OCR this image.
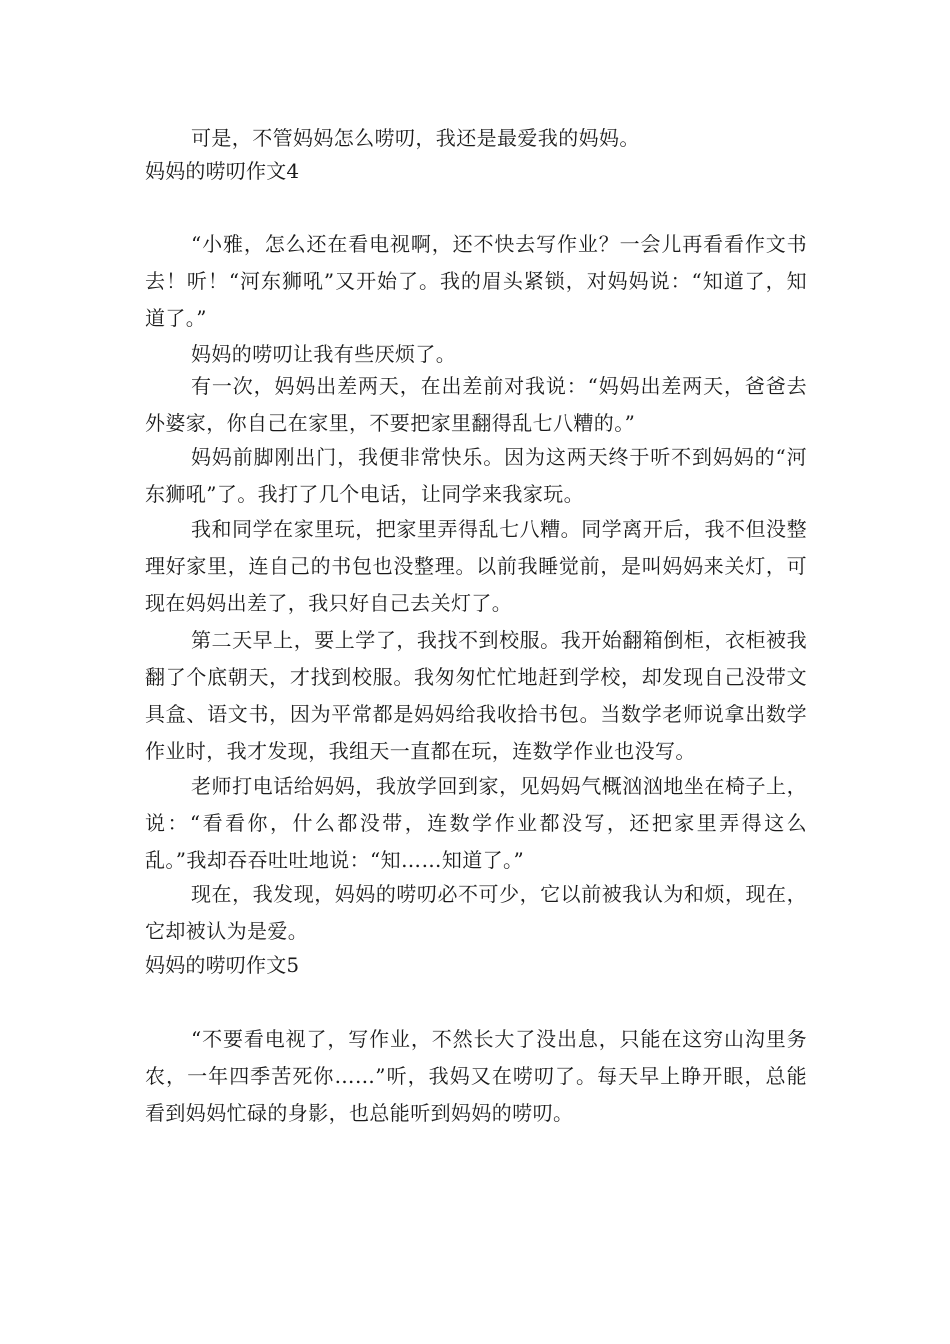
可是，不管妈妈怎么唠叨，我还是最爱我的妈妈。

妈妈的唠叨作文4

“小雅，怎么还在看电视啊，还不快去写作业？一会儿再看看作文书去！听！“河东狮吼”又开始了。我的眉头紧锁，对妈妈说：“知道了，知道了。”

妈妈的唠叨让我有些厌烦了。

有一次，妈妈出差两天，在出差前对我说：“妈妈出差两天，爸爸去外婆家，你自己在家里，不要把家里翻得乱七八糟的。”

妈妈前脚刚出门，我便非常快乐。因为这两天终于听不到妈妈的“河东狮吼”了。我打了几个电话，让同学来我家玩。

我和同学在家里玩，把家里弄得乱七八糟。同学离开后，我不但没整理好家里，连自己的书包也没整理。以前我睡觉前，是叫妈妈来关灯，可现在妈妈出差了，我只好自己去关灯了。

第二天早上，要上学了，我找不到校服。我开始翻箱倒柜，衣柜被我翻了个底朝天，才找到校服。我匆匆忙忙地赶到学校，却发现自己没带文具盒、语文书，因为平常都是妈妈给我收拾书包。当数学老师说拿出数学作业时，我才发现，我组天一直都在玩，连数学作业也没写。

老师打电话给妈妈，我放学回到家，见妈妈气概汹汹地坐在椅子上，说：“看看你，什么都没带，连数学作业都没写，还把家里弄得这么乱。”我却吞吞吐吐地说：“知……知道了。”

现在，我发现，妈妈的唠叨必不可少，它以前被我认为和烦，现在，它却被认为是爱。

妈妈的唠叨作文5

“不要看电视了，写作业，不然长大了没出息，只能在这穷山沟里务农，一年四季苦死你……”听，我妈又在唠叨了。每天早上睁开眼，总能看到妈妈忙碌的身影，也总能听到妈妈的唠叨。
